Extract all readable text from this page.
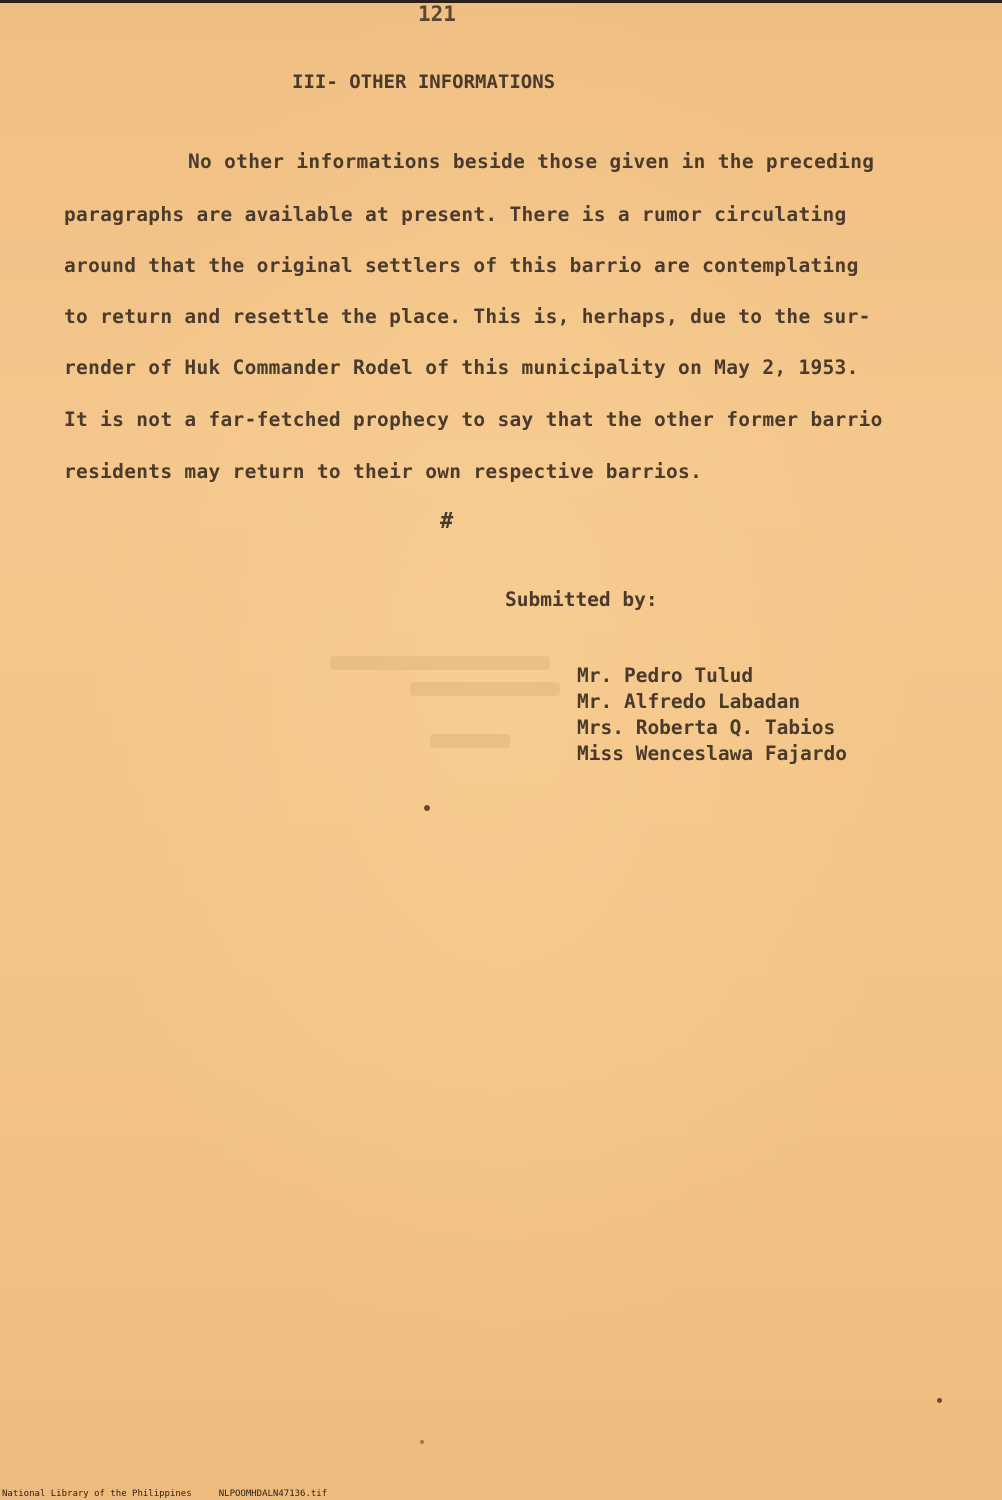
121
III- OTHER INFORMATIONS
No other informations beside those given in the preceding
paragraphs are available at present. There is a rumor circulating
around that the original settlers of this barrio are contemplating
to return and resettle the place. This is, herhaps, due to the sur-
render of Huk Commander Rodel of this municipality on May 2, 1953.
It is not a far-fetched prophecy to say that the other former barrio
residents may return to their own respective barrios.
#
Submitted by:
Mr. Pedro Tulud
Mr. Alfredo Labadan
Mrs. Roberta Q. Tabios
Miss Wenceslawa Fajardo
National Library of the Philippines	NLPOOMHDALN47136.tif
